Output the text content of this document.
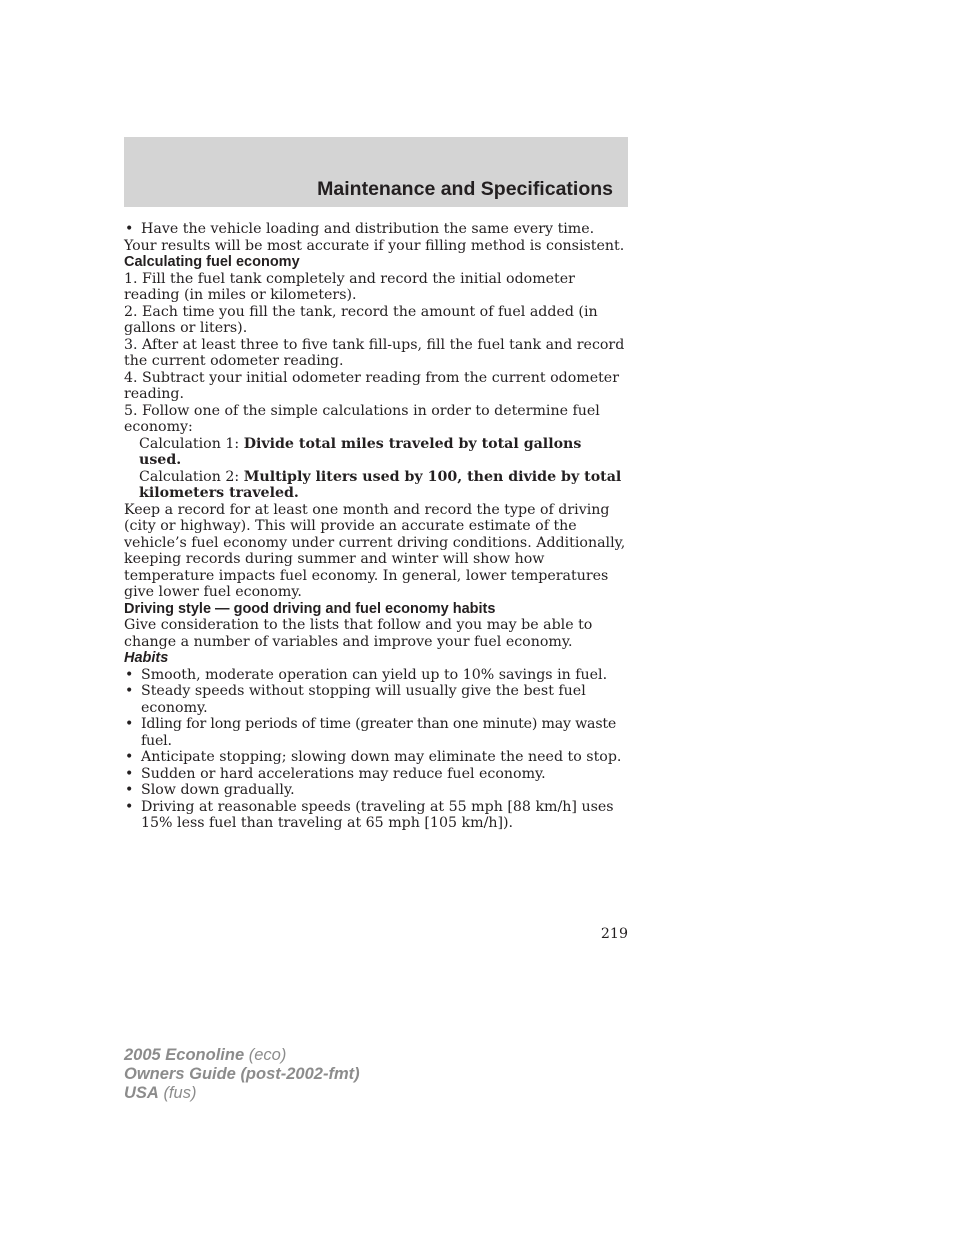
Maintenance and Specifications

• Have the vehicle loading and distribution the same every time.

Your results will be most accurate if your filling method is consistent.

Calculating fuel economy

1. Fill the fuel tank completely and record the initial odometer reading (in miles or kilometers).

2. Each time you fill the tank, record the amount of fuel added (in gallons or liters).

3. After at least three to five tank fill-ups, fill the fuel tank and record the current odometer reading.

4. Subtract your initial odometer reading from the current odometer reading.

5. Follow one of the simple calculations in order to determine fuel economy:

Calculation 1: Divide total miles traveled by total gallons used.

Calculation 2: Multiply liters used by 100, then divide by total kilometers traveled.

Keep a record for at least one month and record the type of driving (city or highway). This will provide an accurate estimate of the vehicle’s fuel economy under current driving conditions. Additionally, keeping records during summer and winter will show how temperature impacts fuel economy. In general, lower temperatures give lower fuel economy.

Driving style — good driving and fuel economy habits

Give consideration to the lists that follow and you may be able to change a number of variables and improve your fuel economy.

Habits

• Smooth, moderate operation can yield up to 10% savings in fuel.

• Steady speeds without stopping will usually give the best fuel economy.

• Idling for long periods of time (greater than one minute) may waste fuel.

• Anticipate stopping; slowing down may eliminate the need to stop.

• Sudden or hard accelerations may reduce fuel economy.

• Slow down gradually.

• Driving at reasonable speeds (traveling at 55 mph [88 km/h] uses 15% less fuel than traveling at 65 mph [105 km/h]).

219
2005 Econoline (eco)
Owners Guide (post-2002-fmt)
USA (fus)
